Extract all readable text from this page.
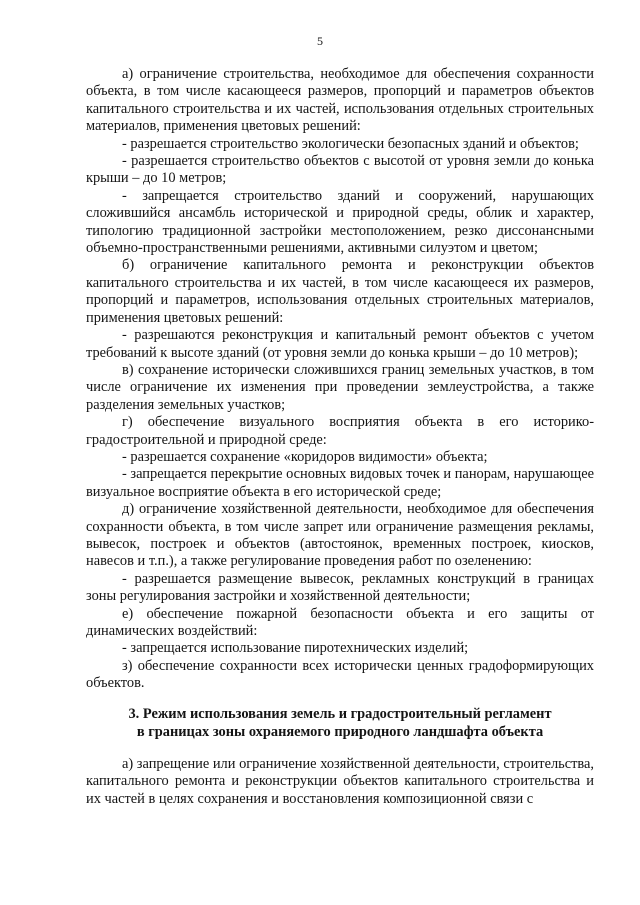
5

а) ограничение строительства, необходимое для обеспечения сохранности объекта, в том числе касающееся размеров, пропорций и параметров объектов капитального строительства и их частей, использования отдельных строительных материалов, применения цветовых решений:

- разрешается строительство экологически безопасных зданий и объектов;

- разрешается строительство объектов с высотой от уровня земли до конька крыши – до 10 метров;

- запрещается строительство зданий и сооружений, нарушающих сложившийся ансамбль исторической и природной среды, облик и характер, типологию традиционной застройки местоположением, резко диссонансными объемно-пространственными решениями, активными силуэтом и цветом;

б) ограничение капитального ремонта и реконструкции объектов капитального строительства и их частей, в том числе касающееся их размеров, пропорций и параметров, использования отдельных строительных материалов, применения цветовых решений:

- разрешаются реконструкция и капитальный ремонт объектов с учетом требований к высоте зданий (от уровня земли до конька крыши – до 10 метров);

в) сохранение исторически сложившихся границ земельных участков, в том числе ограничение их изменения при проведении землеустройства, а также разделения земельных участков;

г) обеспечение визуального восприятия объекта в его историко-градостроительной и природной среде:

- разрешается сохранение «коридоров видимости» объекта;

- запрещается перекрытие основных видовых точек и панорам, нарушающее визуальное восприятие объекта в его исторической среде;

д) ограничение хозяйственной деятельности, необходимое для обеспечения сохранности объекта, в том числе запрет или ограничение размещения рекламы, вывесок, построек и объектов (автостоянок, временных построек, киосков, навесов и т.п.), а также регулирование проведения работ по озеленению:

- разрешается размещение вывесок, рекламных конструкций в границах зоны регулирования застройки и хозяйственной деятельности;

е) обеспечение пожарной безопасности объекта и его защиты от динамических воздействий:

- запрещается использование пиротехнических изделий;

з) обеспечение сохранности всех исторически ценных градоформирующих объектов.

3. Режим использования земель и градостроительный регламент
в границах зоны охраняемого природного ландшафта объекта

а) запрещение или ограничение хозяйственной деятельности, строительства, капитального ремонта и реконструкции объектов капитального строительства и их частей в целях сохранения и восстановления композиционной связи с
